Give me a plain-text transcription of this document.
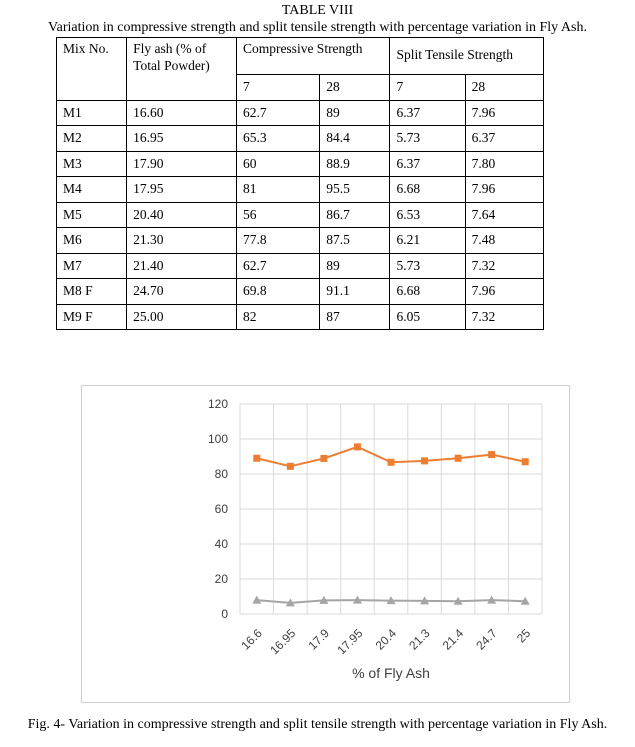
TABLE VIII
Variation in compressive strength and split tensile strength with percentage variation in Fly Ash.
Mix No.	Fly ash (% of Total Powder)	Compressive Strength		Split Tensile Strength	
		7	28	7	28
M1	16.60	62.7	89	6.37	7.96
M2	16.95	65.3	84.4	5.73	6.37
M3	17.90	60	88.9	6.37	7.80
M4	17.95	81	95.5	6.68	7.96
M5	20.40	56	86.7	6.53	7.64
M6	21.30	77.8	87.5	6.21	7.48
M7	21.40	62.7	89	5.73	7.32
M8 F	24.70	69.8	91.1	6.68	7.96
M9 F	25.00	82	87	6.05	7.32
0
20
40
60
80
100
120
16.6 16.95 17.9 17.95 20.4 21.3 21.4 24.7 25
% of Fly Ash
Fig. 4- Variation in compressive strength and split tensile strength with percentage variation in Fly Ash.
